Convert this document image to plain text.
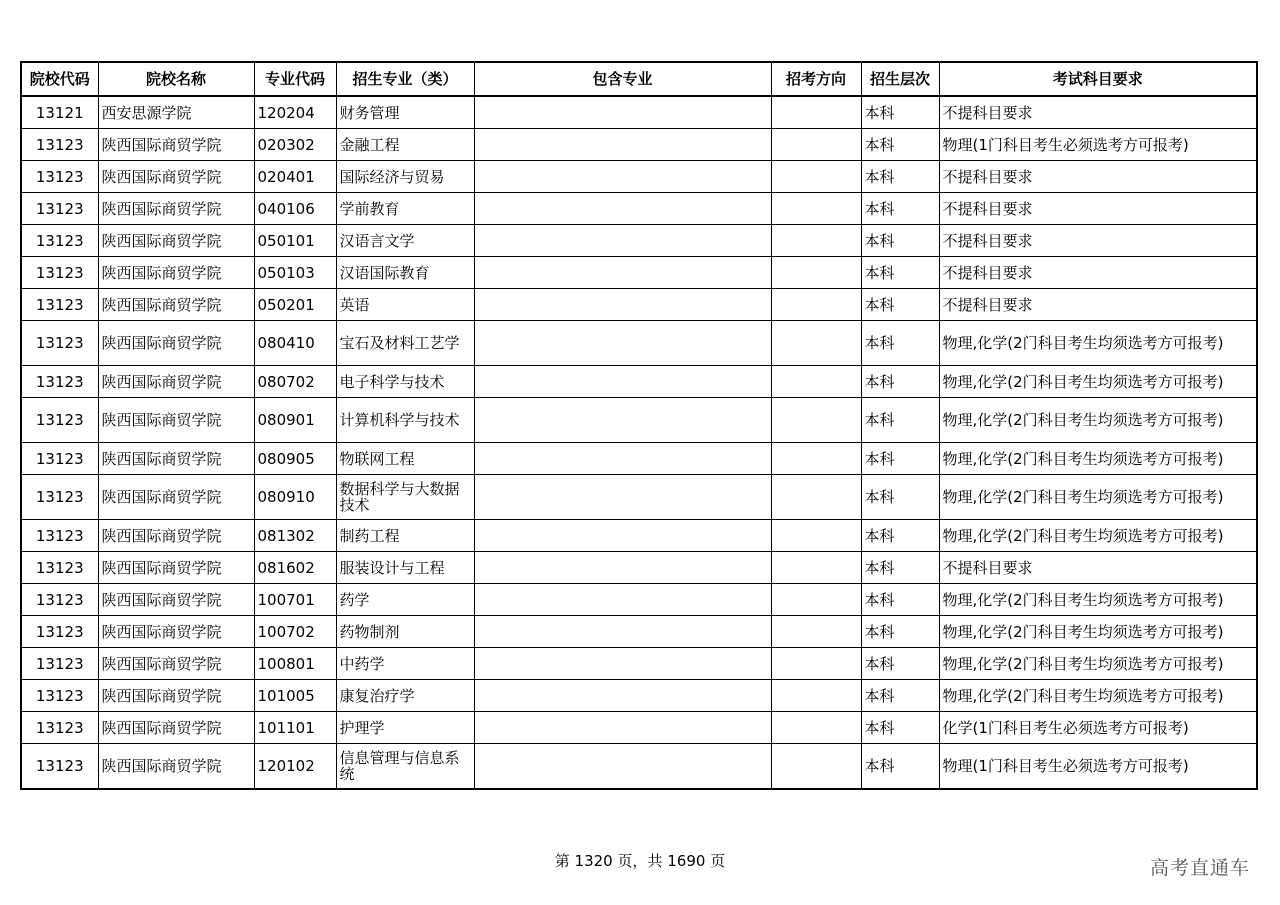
院校代码	院校名称	专业代码	招生专业（类）	包含专业	招考方向	招生层次	考试科目要求
13121	西安思源学院	120204	财务管理			本科	不提科目要求
13123	陕西国际商贸学院	020302	金融工程			本科	物理(1门科目考生必须选考方可报考)
13123	陕西国际商贸学院	020401	国际经济与贸易			本科	不提科目要求
13123	陕西国际商贸学院	040106	学前教育			本科	不提科目要求
13123	陕西国际商贸学院	050101	汉语言文学			本科	不提科目要求
13123	陕西国际商贸学院	050103	汉语国际教育			本科	不提科目要求
13123	陕西国际商贸学院	050201	英语			本科	不提科目要求
13123	陕西国际商贸学院	080410	宝石及材料工艺学			本科	物理,化学(2门科目考生均须选考方可报考)
13123	陕西国际商贸学院	080702	电子科学与技术			本科	物理,化学(2门科目考生均须选考方可报考)
13123	陕西国际商贸学院	080901	计算机科学与技术			本科	物理,化学(2门科目考生均须选考方可报考)
13123	陕西国际商贸学院	080905	物联网工程			本科	物理,化学(2门科目考生均须选考方可报考)
13123	陕西国际商贸学院	080910	数据科学与大数据技术			本科	物理,化学(2门科目考生均须选考方可报考)
13123	陕西国际商贸学院	081302	制药工程			本科	物理,化学(2门科目考生均须选考方可报考)
13123	陕西国际商贸学院	081602	服装设计与工程			本科	不提科目要求
13123	陕西国际商贸学院	100701	药学			本科	物理,化学(2门科目考生均须选考方可报考)
13123	陕西国际商贸学院	100702	药物制剂			本科	物理,化学(2门科目考生均须选考方可报考)
13123	陕西国际商贸学院	100801	中药学			本科	物理,化学(2门科目考生均须选考方可报考)
13123	陕西国际商贸学院	101005	康复治疗学			本科	物理,化学(2门科目考生均须选考方可报考)
13123	陕西国际商贸学院	101101	护理学			本科	化学(1门科目考生必须选考方可报考)
13123	陕西国际商贸学院	120102	信息管理与信息系统			本科	物理(1门科目考生必须选考方可报考)
第 1320 页，共 1690 页	高考直通车
